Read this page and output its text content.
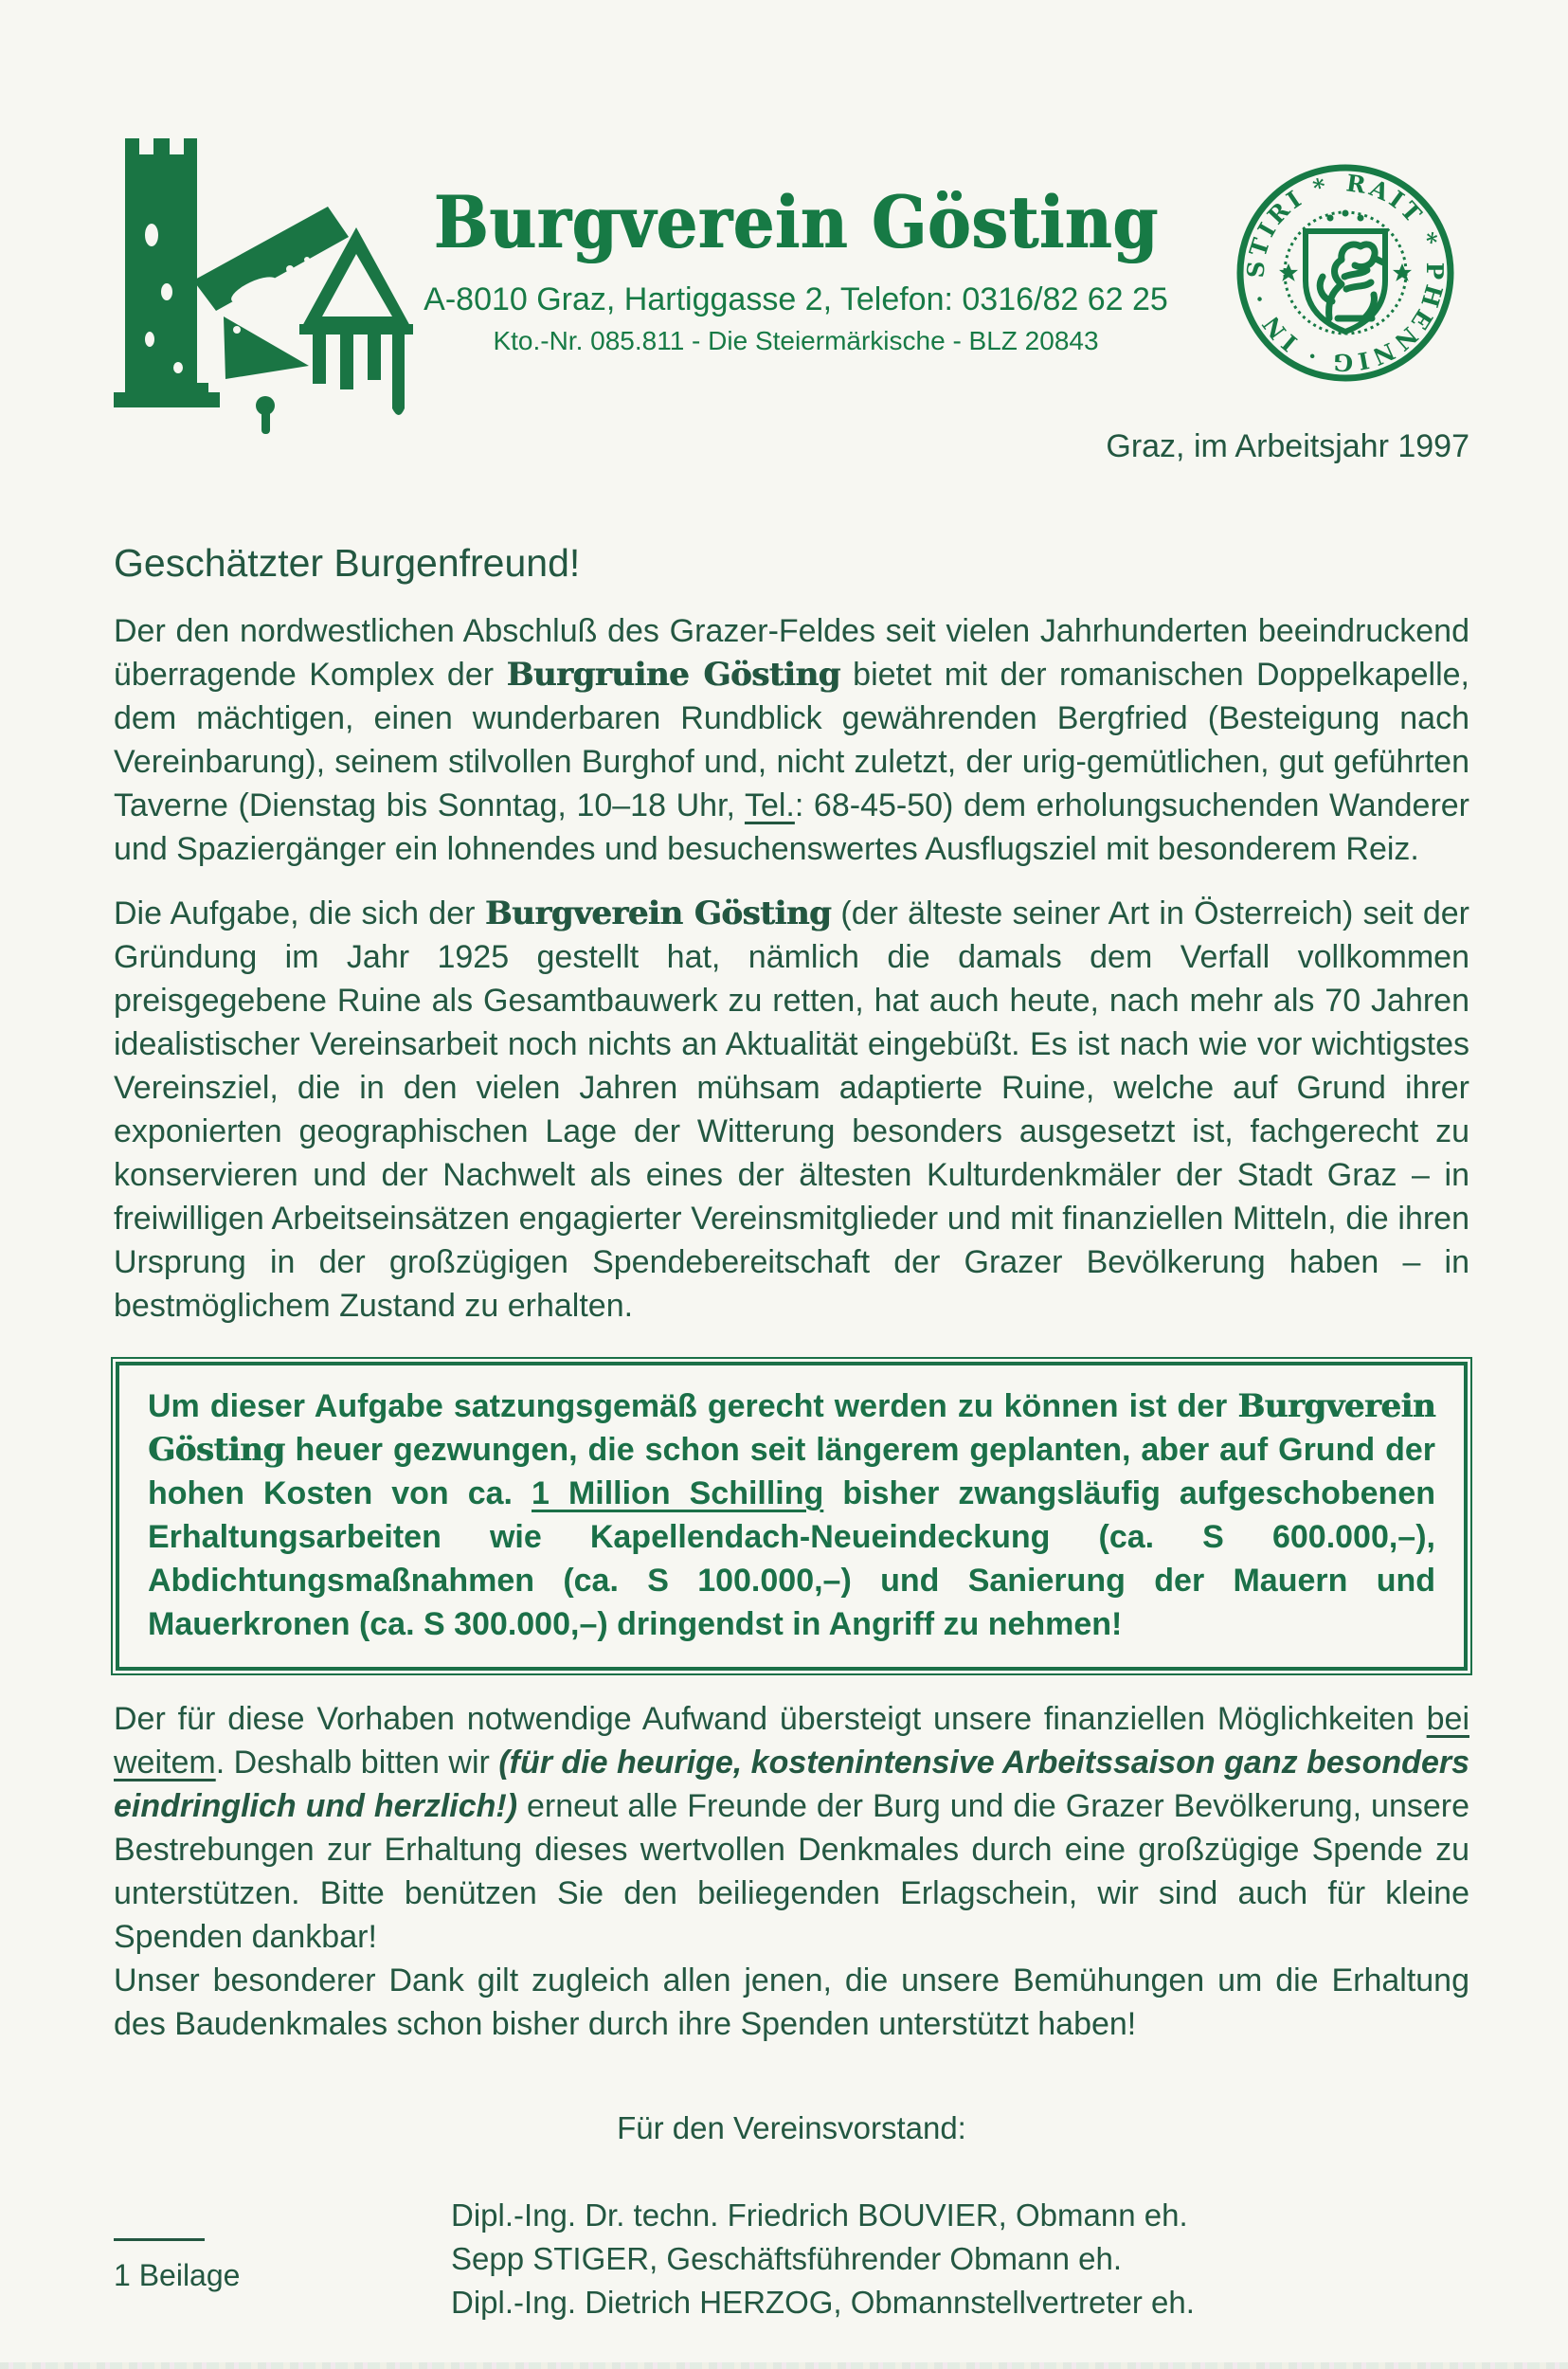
Burgverein Gösting
A-8010 Graz, Hartiggasse 2, Telefon: 0316/82 62 25
Kto.-Nr. 085.811 - Die Steiermärkische - BLZ 20843
RAIT * PHENNIG · IN · STIRI *
Graz, im Arbeitsjahr 1997
Geschätzter Burgenfreund!

Der den nordwestlichen Abschluß des Grazer-Feldes seit vielen Jahrhunderten beeindruckend überragende Komplex der Burgruine Gösting bietet mit der romanischen Doppelkapelle, dem mächtigen, einen wunderbaren Rundblick gewährenden Bergfried (Besteigung nach Vereinbarung), seinem stilvollen Burghof und, nicht zuletzt, der urig-gemütlichen, gut geführten Taverne (Dienstag bis Sonntag, 10–18 Uhr, Tel.: 68-45-50) dem erholungsuchenden Wanderer und Spaziergänger ein lohnendes und besuchenswertes Ausflugsziel mit besonderem Reiz.

Die Aufgabe, die sich der Burgverein Gösting (der älteste seiner Art in Österreich) seit der Gründung im Jahr 1925 gestellt hat, nämlich die damals dem Verfall vollkommen preisgegebene Ruine als Gesamtbauwerk zu retten, hat auch heute, nach mehr als 70 Jahren idealistischer Vereinsarbeit noch nichts an Aktualität eingebüßt. Es ist nach wie vor wichtigstes Vereinsziel, die in den vielen Jahren mühsam adaptierte Ruine, welche auf Grund ihrer exponierten geographischen Lage der Witterung besonders ausgesetzt ist, fachgerecht zu konservieren und der Nachwelt als eines der ältesten Kulturdenkmäler der Stadt Graz – in freiwilligen Arbeitseinsätzen engagierter Vereinsmitglieder und mit finanziellen Mitteln, die ihren Ursprung in der großzügigen Spendebereitschaft der Grazer Bevölkerung haben – in bestmöglichem Zustand zu erhalten.

Um dieser Aufgabe satzungsgemäß gerecht werden zu können ist der Burgverein Gösting heuer gezwungen, die schon seit längerem geplanten, aber auf Grund der hohen Kosten von ca. 1 Million Schilling bisher zwangsläufig aufgeschobenen Erhaltungsarbeiten wie Kapellendach-Neueindeckung (ca. S 600.000,–), Abdichtungsmaßnahmen (ca. S 100.000,–) und Sanierung der Mauern und Mauerkronen (ca. S 300.000,–) dringendst in Angriff zu nehmen!

Der für diese Vorhaben notwendige Aufwand übersteigt unsere finanziellen Möglichkeiten bei weitem. Deshalb bitten wir (für die heurige, kostenintensive Arbeitssaison ganz besonders eindringlich und herzlich!) erneut alle Freunde der Burg und die Grazer Bevölkerung, unsere Bestrebungen zur Erhaltung dieses wertvollen Denkmales durch eine großzügige Spende zu unterstützen. Bitte benützen Sie den beiliegenden Erlagschein, wir sind auch für kleine Spenden dankbar!

Unser besonderer Dank gilt zugleich allen jenen, die unsere Bemühungen um die Erhaltung des Baudenkmales schon bisher durch ihre Spenden unterstützt haben!

Für den Vereinsvorstand:
Dipl.-Ing. Dr. techn. Friedrich BOUVIER, Obmann eh.
Sepp STIGER, Geschäftsführender Obmann eh.
Dipl.-Ing. Dietrich HERZOG, Obmannstellvertreter eh.
1 Beilage
